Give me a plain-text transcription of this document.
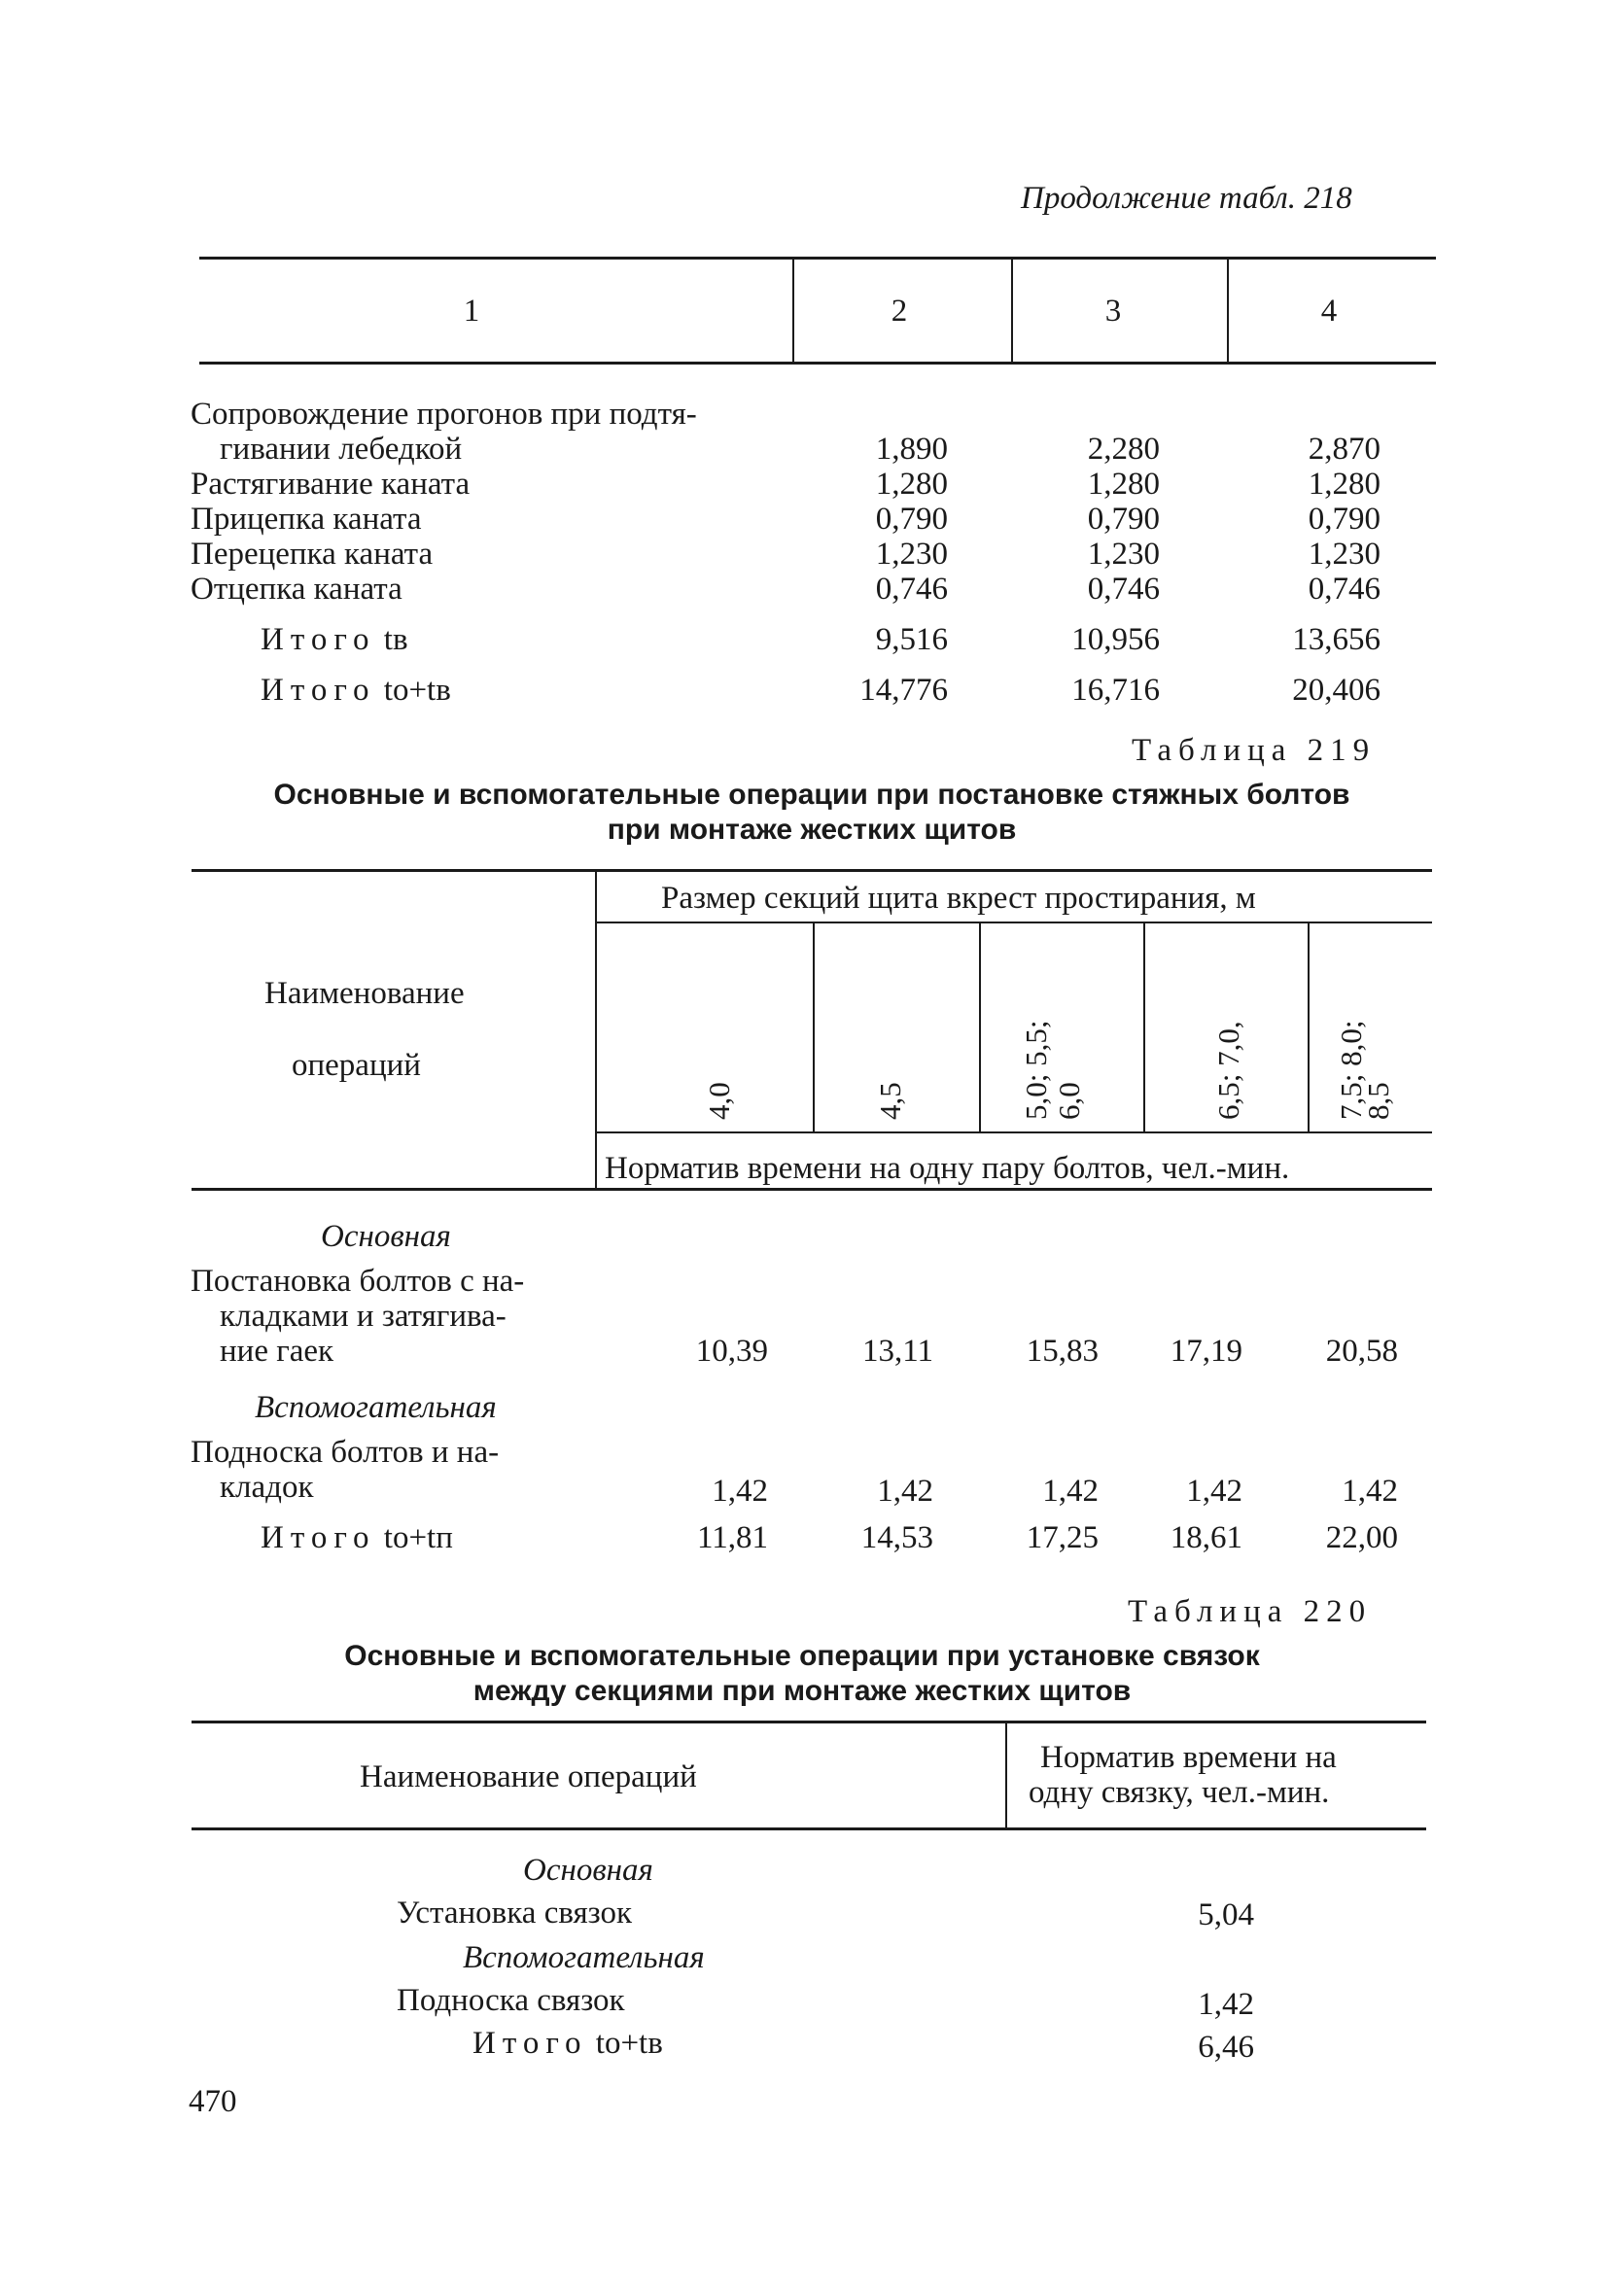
Продолжение табл. 218
1	2	3	4
Сопровождение прогонов при подтя-
гивании лебедкой	1,890	2,280	2,870
Растягивание каната	1,280	1,280	1,280
Прицепка каната	0,790	0,790	0,790
Перецепка каната	1,230	1,230	1,230
Отцепка каната	0,746	0,746	0,746
Итого tв	9,516	10,956	13,656
Итого tо+tв	14,776	16,716	20,406
Таблица 219
Основные и вспомогательные операции при постановке стяжных болтов
при монтаже жестких щитов
Наименование
операций
Размер секций щита вкрест простирания, м
4,0	4,5	5,0; 5,5; 6,0	6,5; 7,0,	7,5; 8,0;
8,5
Норматив времени на одну пару болтов, чел.-мин.
Основная
Постановка болтов с на-
кладками и затягива-
ние гаек	10,39	13,11	15,83	17,19	20,58
Вспомогательная
Подноска болтов и на-
кладок	1,42	1,42	1,42	1,42	1,42
Итого tо+tп	11,81	14,53	17,25	18,61	22,00
Таблица 220
Основные и вспомогательные операции при установке связок
между секциями при монтаже жестких щитов
Наименование операций
Норматив времени на
одну связку, чел.-мин.
Основная
Установка связок	5,04
Вспомогательная
Подноска связок	1,42
Итого tо+tв	6,46
470
